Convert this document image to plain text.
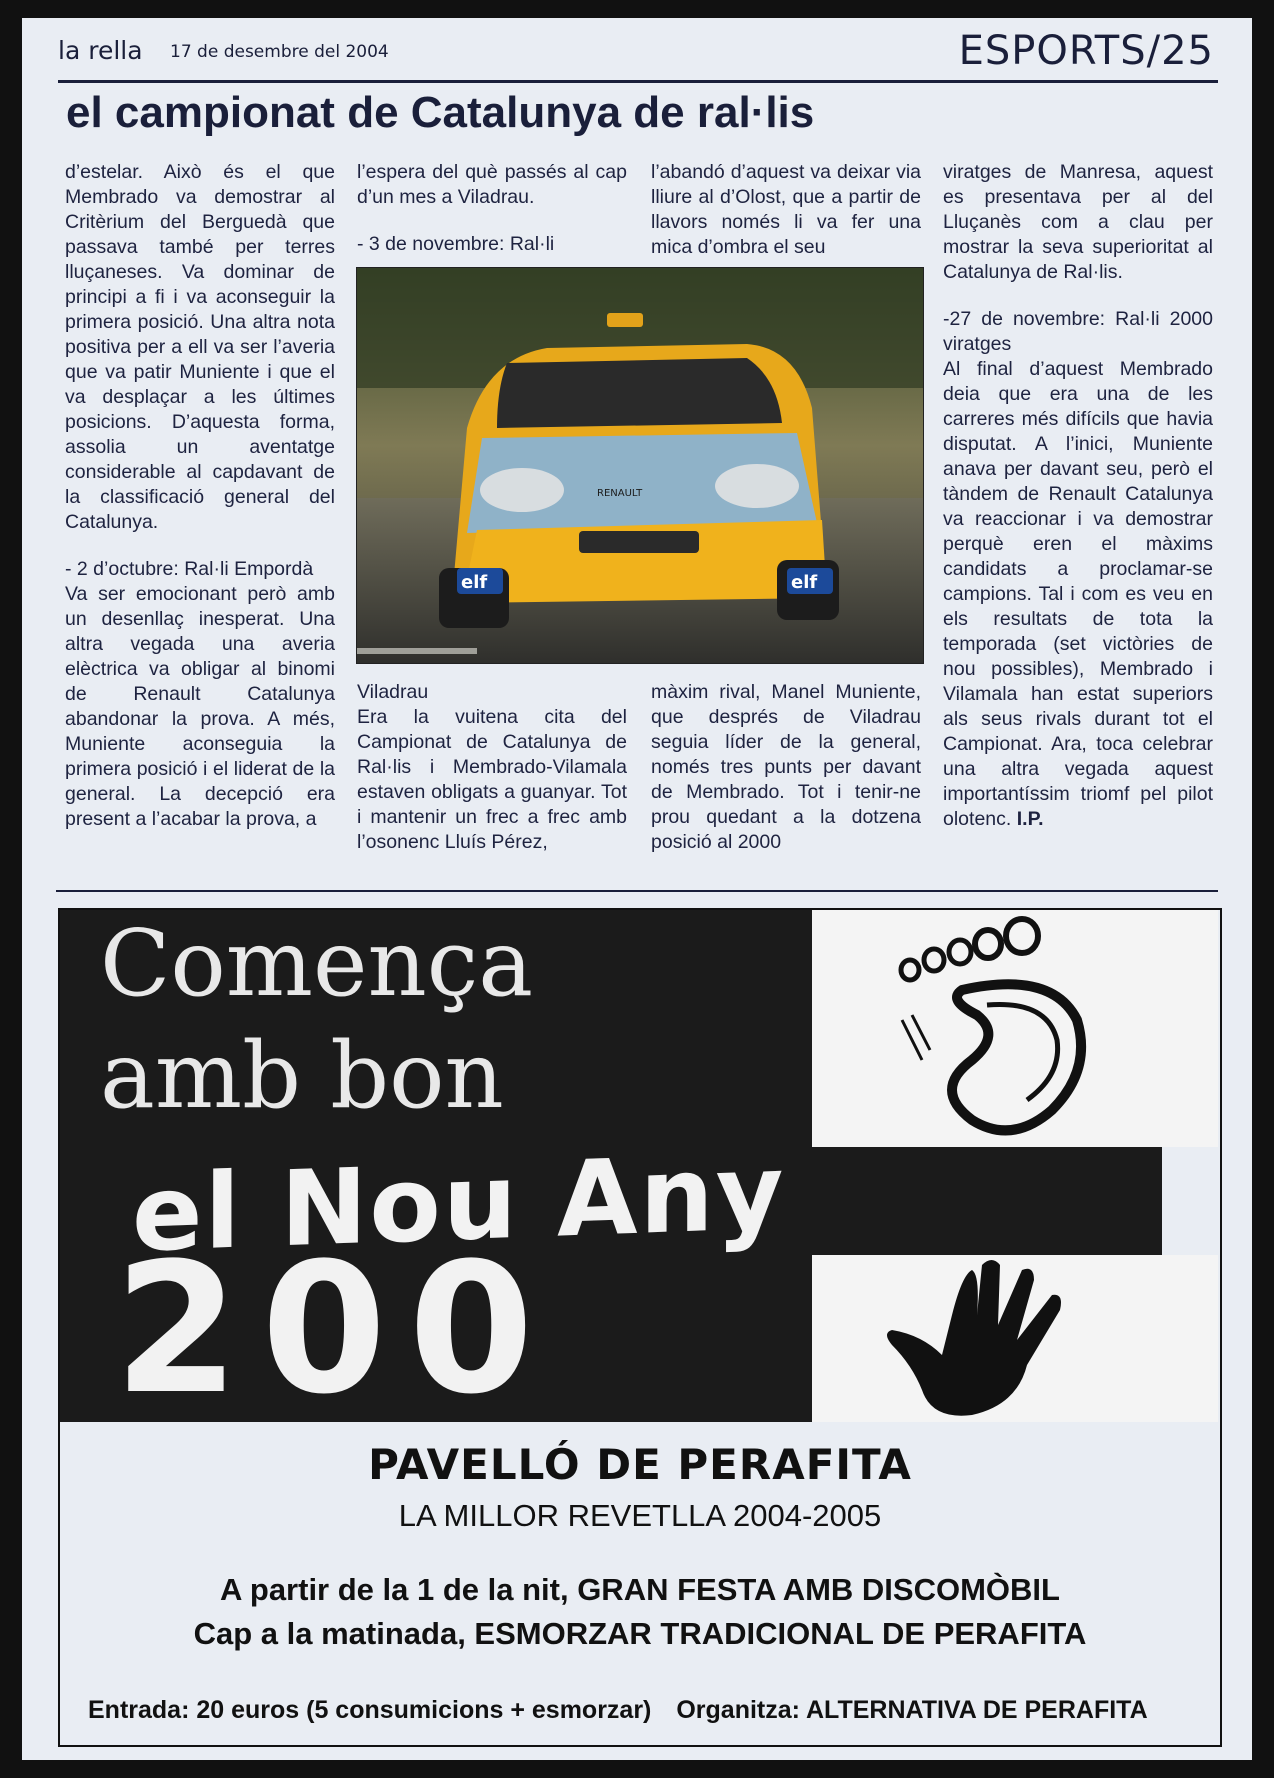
la rella 17 de desembre del 2004	ESPORTS/25
el campionat de Catalunya de ral·lis

d’estelar. Això és el que Membrado va demostrar al Critèrium del Berguedà que passava també per terres lluçaneses. Va dominar de principi a fi i va aconseguir la primera posició. Una altra nota positiva per a ell va ser l’averia que va patir Muniente i que el va desplaçar a les últimes posicions. D’aquesta forma, assolia un aventatge considerable al capdavant de la classificació general del Catalunya.

- 2 d’octubre: Ral·li Empordà

Va ser emocionant però amb un desenllaç inesperat. Una altra vegada una averia elèctrica va obligar al binomi de Renault Catalunya abandonar la prova. A més, Muniente aconseguia la primera posició i el liderat de la general. La decepció era present a l’acabar la prova, a

l’espera del què passés al cap d’un mes a Viladrau.

- 3 de novembre: Ral·li

l’abandó d’aquest va deixar via lliure al d’Olost, que a partir de llavors només li va fer una mica d’ombra el seu

elf	elf
RENAULT
Viladrau
Era la vuitena cita del Campionat de Catalunya de Ral·lis i Membrado-Vilamala estaven obligats a guanyar. Tot i mantenir un frec a frec amb l’osonenc Lluís Pérez,
màxim rival, Manel Muniente, que després de Viladrau seguia líder de la general, només tres punts per davant de Membrado. Tot i tenir-ne prou quedant a la dotzena posició al 2000

viratges de Manresa, aquest es presentava per al del Lluçanès com a clau per mostrar la seva superioritat al Catalunya de Ral·lis.

-27 de novembre: Ral·li 2000 viratges

Al final d’aquest Membrado deia que era una de les carreres més difícils que havia disputat. A l’inici, Muniente anava per davant seu, però el tàndem de Renault Catalunya va reaccionar i va demostrar perquè eren el màxims candidats a proclamar-se campions. Tal i com es veu en els resultats de tota la temporada (set victòries de nou possibles), Membrado i Vilamala han estat superiors als seus rivals durant tot el Campionat. Ara, toca celebrar una altra vegada aquest importantíssim triomf pel pilot olotenc. I.P.

Comença
amb bon
el Nou Any
200
PAVELLÓ DE PERAFITA
LA MILLOR REVETLLA 2004-2005
A partir de la 1 de la nit, GRAN FESTA AMB DISCOMÒBIL
Cap a la matinada, ESMORZAR TRADICIONAL DE PERAFITA
Entrada: 20 euros (5 consumicions + esmorzar) Organitza: ALTERNATIVA DE PERAFITA
